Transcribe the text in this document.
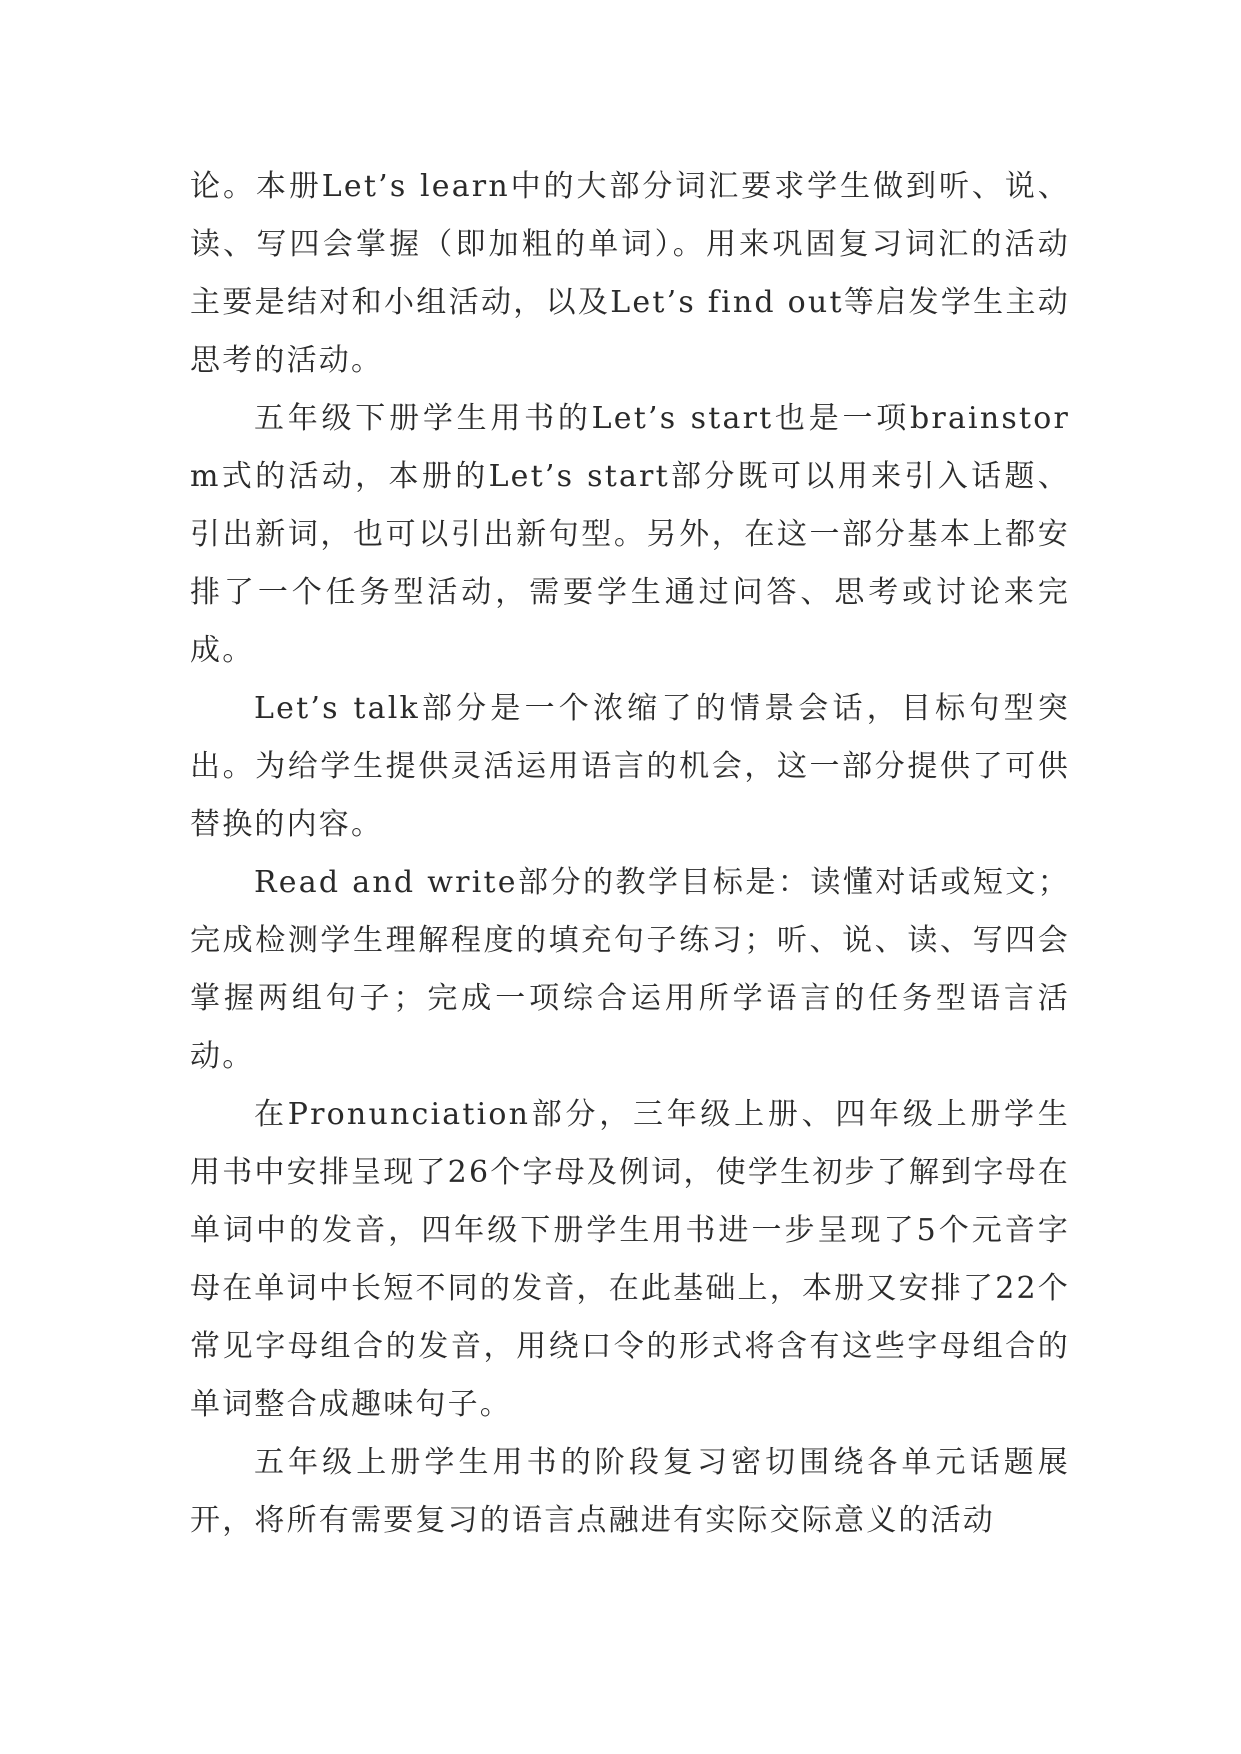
论。本册Let’s learn中的大部分词汇要求学生做到听、说、读、写四会掌握（即加粗的单词）。用来巩固复习词汇的活动主要是结对和小组活动，以及Let’s find out等启发学生主动思考的活动。

五年级下册学生用书的Let’s start也是一项brainstorm式的活动，本册的Let’s start部分既可以用来引入话题、引出新词，也可以引出新句型。另外，在这一部分基本上都安排了一个任务型活动，需要学生通过问答、思考或讨论来完成。

Let’s talk部分是一个浓缩了的情景会话，目标句型突出。为给学生提供灵活运用语言的机会，这一部分提供了可供替换的内容。

Read and write部分的教学目标是：读懂对话或短文；完成检测学生理解程度的填充句子练习；听、说、读、写四会掌握两组句子；完成一项综合运用所学语言的任务型语言活动。

在Pronunciation部分，三年级上册、四年级上册学生用书中安排呈现了26个字母及例词，使学生初步了解到字母在单词中的发音，四年级下册学生用书进一步呈现了5个元音字母在单词中长短不同的发音，在此基础上，本册又安排了22个常见字母组合的发音，用绕口令的形式将含有这些字母组合的单词整合成趣味句子。

五年级上册学生用书的阶段复习密切围绕各单元话题展开，将所有需要复习的语言点融进有实际交际意义的活动
